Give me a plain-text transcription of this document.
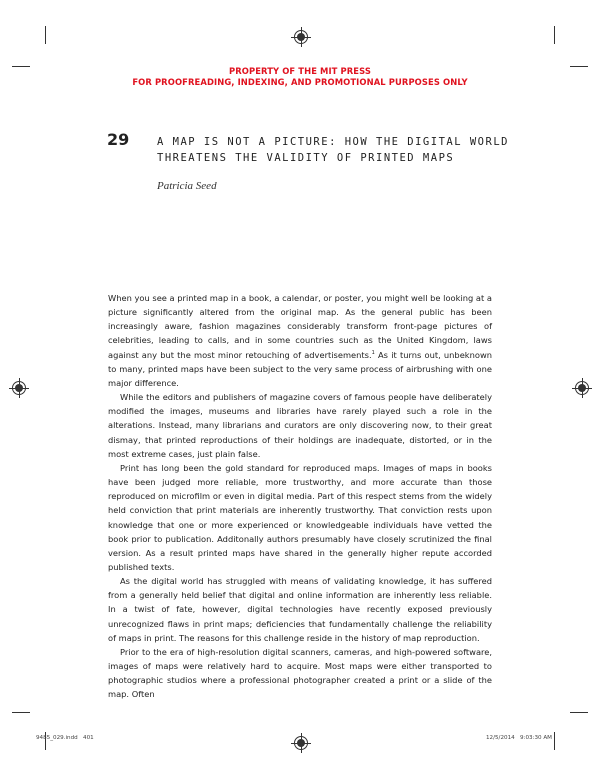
PROPERTY OF THE MIT PRESS
FOR PROOFREADING, INDEXING, AND PROMOTIONAL PURPOSES ONLY
29	A MAP IS NOT A PICTURE: HOW THE DIGITAL WORLD
THREATENS THE VALIDITY OF PRINTED MAPS
Patricia Seed

When you see a printed map in a book, a calendar, or poster, you might well be looking at a picture significantly altered from the original map. As the general public has been increasingly aware, fashion magazines considerably transform front-page pictures of celebrities, leading to calls, and in some countries such as the United Kingdom, laws against any but the most minor retouching of advertisements.$^1$ As it turns out, unbeknown to many, printed maps have been subject to the very same process of airbrushing with one major difference.

While the editors and publishers of magazine covers of famous people have deliberately modified the images, museums and libraries have rarely played such a role in the alterations. Instead, many librarians and curators are only discovering now, to their great dismay, that printed reproductions of their holdings are inadequate, distorted, or in the most extreme cases, just plain false.

Print has long been the gold standard for reproduced maps. Images of maps in books have been judged more reliable, more trustworthy, and more accurate than those reproduced on microfilm or even in digital media. Part of this respect stems from the widely held conviction that print materials are inherently trustworthy. That conviction rests upon knowledge that one or more experienced or knowledgeable individuals have vetted the book prior to publication. Additonally authors presumably have closely scrutinized the final version. As a result printed maps have shared in the generally higher repute accorded published texts.

As the digital world has struggled with means of validating knowledge, it has suffered from a generally held belief that digital and online information are inherently less reliable. In a twist of fate, however, digital technologies have recently exposed previously unrecognized flaws in print maps; deficiencies that fundamentally challenge the reliability of maps in print. The reasons for this challenge reside in the history of map reproduction.

Prior to the era of high-resolution digital scanners, cameras, and high-powered software, images of maps were relatively hard to acquire. Most maps were either transported to photographic studios where a professional photographer created a print or a slide of the map. Often

9485_029.indd   401	12/5/2014   9:03:30 AM
